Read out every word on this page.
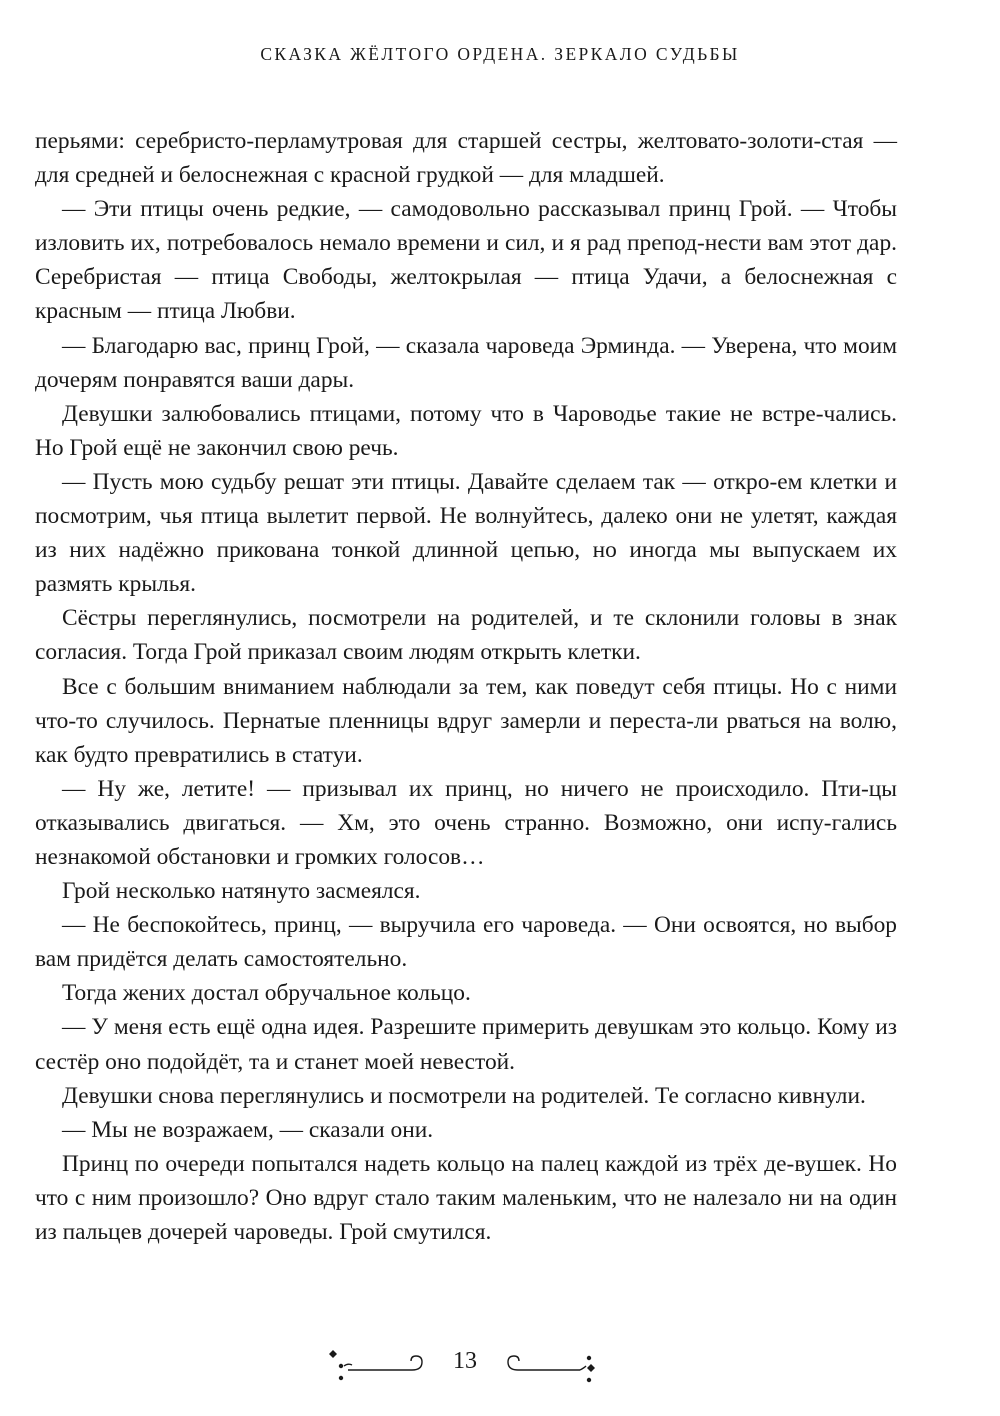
СКАЗКА ЖЁЛТОГО ОРДЕНА. ЗЕРКАЛО СУДЬБЫ

перьями: серебристо-перламутровая для старшей сестры, желтовато-золоти-стая — для средней и белоснежная с красной грудкой — для младшей.

— Эти птицы очень редкие, — самодовольно рассказывал принц Грой. — Чтобы изловить их, потребовалось немало времени и сил, и я рад препод-нести вам этот дар. Серебристая — птица Свободы, желтокрылая — птица Удачи, а белоснежная с красным — птица Любви.

— Благодарю вас, принц Грой, — сказала чароведа Эрминда. — Уверена, что моим дочерям понравятся ваши дары.

Девушки залюбовались птицами, потому что в Чароводье такие не встре-чались. Но Грой ещё не закончил свою речь.

— Пусть мою судьбу решат эти птицы. Давайте сделаем так — откро-ем клетки и посмотрим, чья птица вылетит первой. Не волнуйтесь, далеко они не улетят, каждая из них надёжно прикована тонкой длинной цепью, но иногда мы выпускаем их размять крылья.

Сёстры переглянулись, посмотрели на родителей, и те склонили головы в знак согласия. Тогда Грой приказал своим людям открыть клетки.

Все с большим вниманием наблюдали за тем, как поведут себя птицы. Но с ними что-то случилось. Пернатые пленницы вдруг замерли и переста-ли рваться на волю, как будто превратились в статуи.

— Ну же, летите! — призывал их принц, но ничего не происходило. Пти-цы отказывались двигаться. — Хм, это очень странно. Возможно, они испу-гались незнакомой обстановки и громких голосов…

Грой несколько натянуто засмеялся.

— Не беспокойтесь, принц, — выручила его чароведа. — Они освоятся, но выбор вам придётся делать самостоятельно.

Тогда жених достал обручальное кольцо.

— У меня есть ещё одна идея. Разрешите примерить девушкам это кольцо. Кому из сестёр оно подойдёт, та и станет моей невестой.

Девушки снова переглянулись и посмотрели на родителей. Те согласно кивнули.

— Мы не возражаем, — сказали они.

Принц по очереди попытался надеть кольцо на палец каждой из трёх де-вушек. Но что с ним произошло? Оно вдруг стало таким маленьким, что не налезало ни на один из пальцев дочерей чароведы. Грой смутился.

13
